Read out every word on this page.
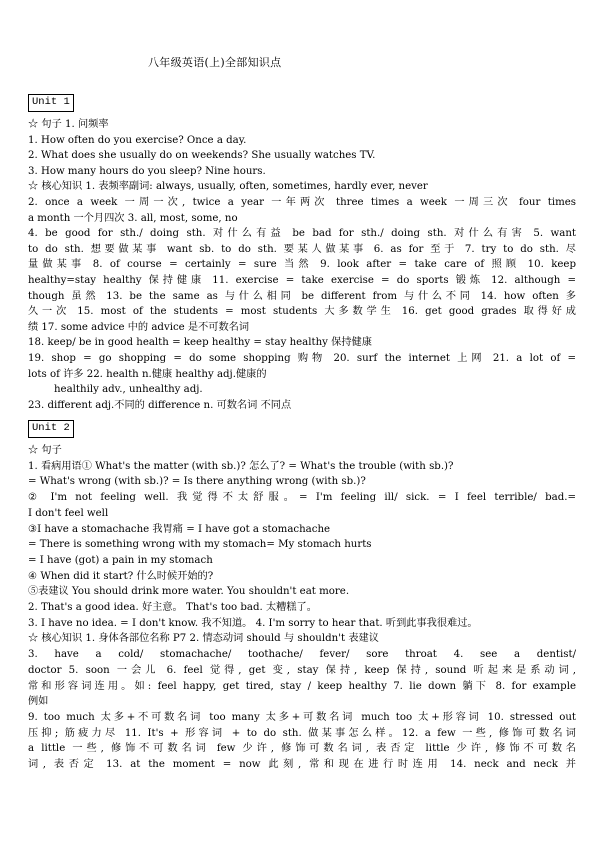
八年级英语(上)全部知识点
Unit 1
☆ 句子 1. 问频率
1. How often do you exercise? Once a day.
2. What does she usually do on weekends? She usually watches TV.
3. How many hours do you sleep? Nine hours.
☆ 核心知识 1. 表频率副词: always, usually, often, sometimes, hardly ever, never
2. once a week 一周一次, twice a year 一年两次 three times a week 一周三次 four times
a month 一个月四次 3. all, most, some, no
4. be good for sth./ doing sth. 对什么有益 be bad for sth./ doing sth. 对什么有害 5. want
to do sth. 想要做某事 want sb. to do sth. 要某人做某事 6. as for 至于 7. try to do sth. 尽
量做某事 8. of course = certainly = sure 当然 9. look after = take care of 照顾 10. keep
healthy=stay healthy 保持健康 11. exercise = take exercise = do sports 锻炼 12. although =
though 虽然 13. be the same as 与什么相同 be different from 与什么不同 14. how often 多
久一次 15. most of the students = most students 大多数学生 16. get good grades 取得好成
绩 17. some advice 中的 advice 是不可数名词
18. keep/ be in good health = keep healthy = stay healthy 保持健康
19. shop = go shopping = do some shopping 购物 20. surf the internet 上网 21. a lot of =
lots of 许多 22. health n.健康 healthy adj.健康的
healthily adv., unhealthy adj.
23. different adj.不同的 difference n. 可数名词 不同点
Unit 2
☆ 句子
1. 看病用语① What's the matter (with sb.)? 怎么了? = What's the trouble (with sb.)?
= What's wrong (with sb.)? = Is there anything wrong (with sb.)?
② I'm not feeling well. 我觉得不太舒服。= I'm feeling ill/ sick. = I feel terrible/ bad.=
I don't feel well
③I have a stomachache 我胃痛 = I have got a stomachache
= There is something wrong with my stomach= My stomach hurts
= I have (got) a pain in my stomach
④ When did it start? 什么时候开始的?
⑤表建议 You should drink more water. You shouldn't eat more.
2. That's a good idea. 好主意。 That's too bad. 太糟糕了。
3. I have no idea. = I don't know. 我不知道。 4. I'm sorry to hear that. 听到此事我很难过。
☆ 核心知识 1. 身体各部位名称 P7 2. 情态动词 should 与 shouldn't 表建议
3. have a cold/ stomachache/ toothache/ fever/ sore throat 4. see a dentist/
doctor 5. soon 一会儿 6. feel 觉得, get 变, stay 保持, keep 保持, sound 听起来是系动词,
常和形容词连用。如: feel happy, get tired, stay / keep healthy 7. lie down 躺下 8. for example
例如
9. too much 太多+不可数名词 too many 太多+可数名词 much too 太+形容词 10. stressed out
压抑; 筋疲力尽 11. It's + 形容词 + to do sth. 做某事怎么样。12. a few 一些, 修饰可数名词
a little 一些, 修饰不可数名词 few 少许, 修饰可数名词, 表否定 little 少许, 修饰不可数名
词, 表否定 13. at the moment = now 此刻, 常和现在进行时连用 14. neck and neck 并
